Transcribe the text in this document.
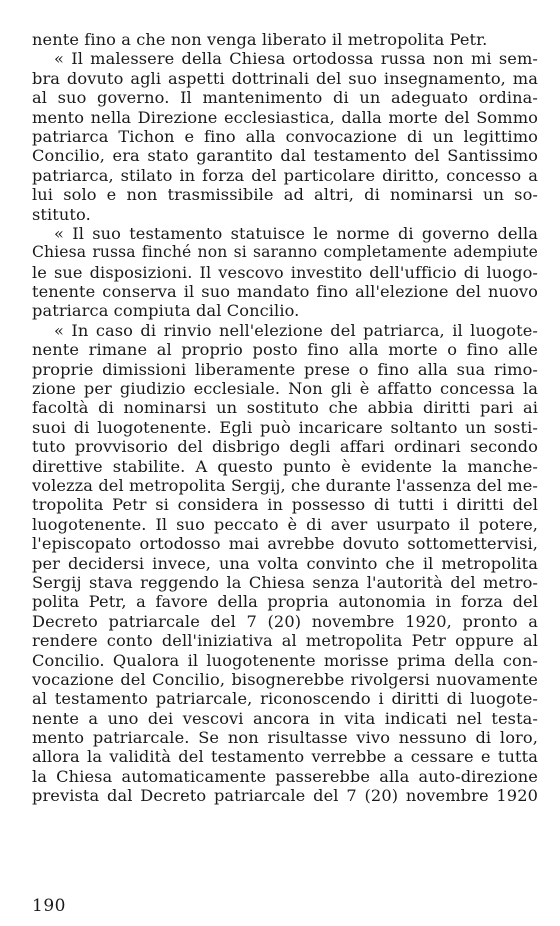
nente fino a che non venga liberato il metropolita Petr.
« Il malessere della Chiesa ortodossa russa non mi sem-
bra dovuto agli aspetti dottrinali del suo insegnamento, ma
al suo governo. Il mantenimento di un adeguato ordina-
mento nella Direzione ecclesiastica, dalla morte del Sommo
patriarca Tichon e fino alla convocazione di un legittimo
Concilio, era stato garantito dal testamento del Santissimo
patriarca, stilato in forza del particolare diritto, concesso a
lui solo e non trasmissibile ad altri, di nominarsi un so-
stituto.
« Il suo testamento statuisce le norme di governo della
Chiesa russa finché non si saranno completamente adempiute
le sue disposizioni. Il vescovo investito dell'ufficio di luogo-
tenente conserva il suo mandato fino all'elezione del nuovo
patriarca compiuta dal Concilio.
« In caso di rinvio nell'elezione del patriarca, il luogote-
nente rimane al proprio posto fino alla morte o fino alle
proprie dimissioni liberamente prese o fino alla sua rimo-
zione per giudizio ecclesiale. Non gli è affatto concessa la
facoltà di nominarsi un sostituto che abbia diritti pari ai
suoi di luogotenente. Egli può incaricare soltanto un sosti-
tuto provvisorio del disbrigo degli affari ordinari secondo
direttive stabilite. A questo punto è evidente la manche-
volezza del metropolita Sergij, che durante l'assenza del me-
tropolita Petr si considera in possesso di tutti i diritti del
luogotenente. Il suo peccato è di aver usurpato il potere,
l'episcopato ortodosso mai avrebbe dovuto sottomettervisi,
per decidersi invece, una volta convinto che il metropolita
Sergij stava reggendo la Chiesa senza l'autorità del metro-
polita Petr, a favore della propria autonomia in forza del
Decreto patriarcale del 7 (20) novembre 1920, pronto a
rendere conto dell'iniziativa al metropolita Petr oppure al
Concilio. Qualora il luogotenente morisse prima della con-
vocazione del Concilio, bisognerebbe rivolgersi nuovamente
al testamento patriarcale, riconoscendo i diritti di luogote-
nente a uno dei vescovi ancora in vita indicati nel testa-
mento patriarcale. Se non risultasse vivo nessuno di loro,
allora la validità del testamento verrebbe a cessare e tutta
la Chiesa automaticamente passerebbe alla auto-direzione
prevista dal Decreto patriarcale del 7 (20) novembre 1920
190
